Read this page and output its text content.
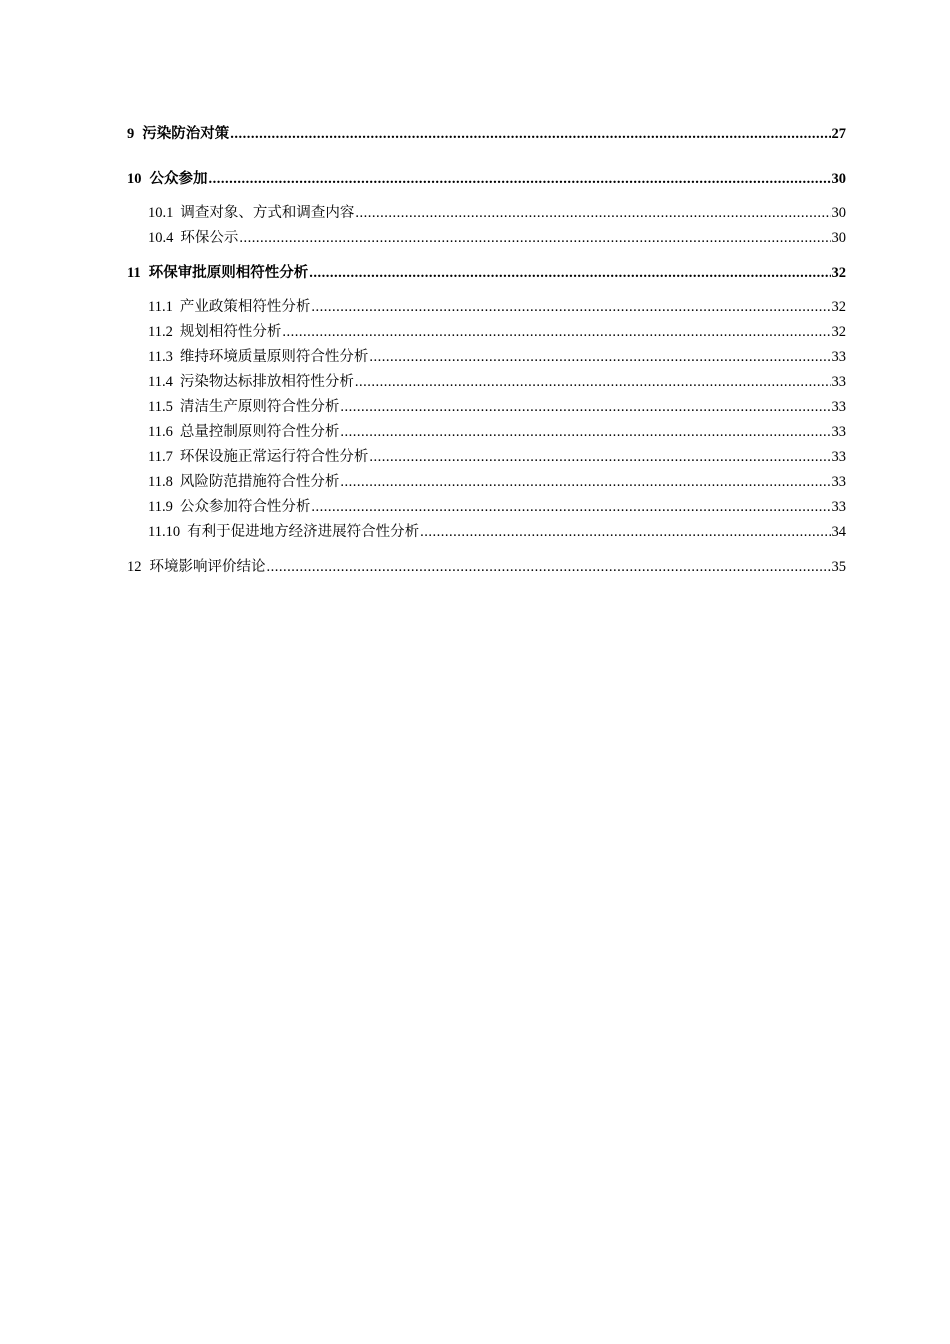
9 污染防治对策 .....	27
10 公众参加 .....	30
10.1 调查对象、方式和调查内容 .....	30
10.4 环保公示 .....	30
11 环保审批原则相符性分析 .....	32
11.1 产业政策相符性分析 .....	32
11.2 规划相符性分析 .....	32
11.3 维持环境质量原则符合性分析 .....	33
11.4 污染物达标排放相符性分析 .....	33
11.5 清洁生产原则符合性分析 .....	33
11.6 总量控制原则符合性分析 .....	33
11.7 环保设施正常运行符合性分析 .....	33
11.8 风险防范措施符合性分析 .....	33
11.9 公众参加符合性分析 .....	33
11.10 有利于促进地方经济进展符合性分析 .....	34
12 环境影响评价结论 .....	35
